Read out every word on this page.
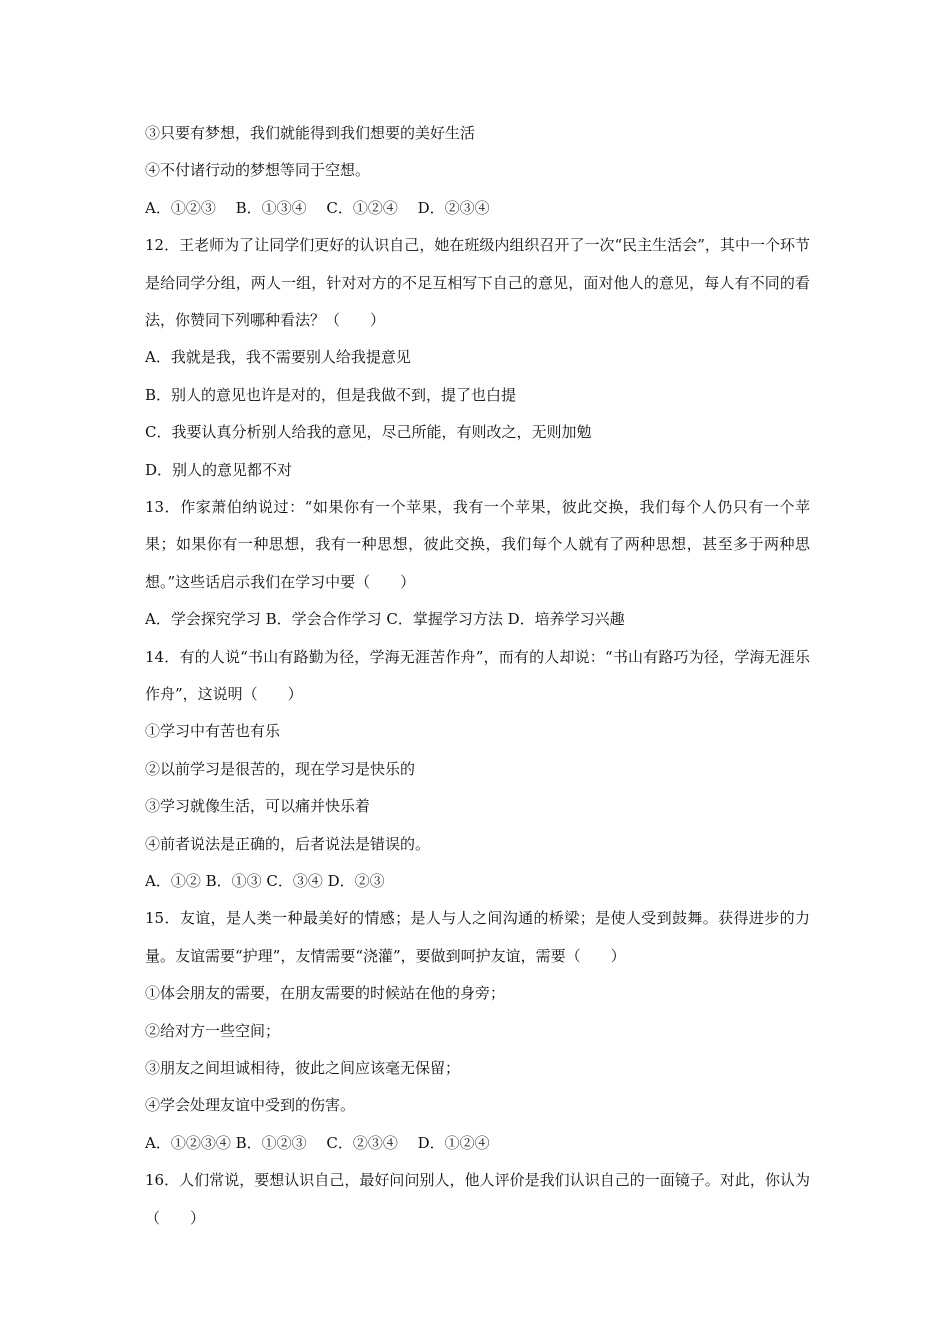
③只要有梦想，我们就能得到我们想要的美好生活
④不付诸行动的梦想等同于空想。
A．①②③　 B．①③④　 C．①②④　 D．②③④

12．王老师为了让同学们更好的认识自己，她在班级内组织召开了一次“民主生活会”，其中一个环节是给同学分组，两人一组，针对对方的不足互相写下自己的意见，面对他人的意见，每人有不同的看法，你赞同下列哪种看法？（　　）

A．我就是我，我不需要别人给我提意见
B．别人的意见也许是对的，但是我做不到，提了也白提
C．我要认真分析别人给我的意见，尽己所能，有则改之，无则加勉
D．别人的意见都不对

13．作家萧伯纳说过：“如果你有一个苹果，我有一个苹果，彼此交换，我们每个人仍只有一个苹果；如果你有一种思想，我有一种思想，彼此交换，我们每个人就有了两种思想，甚至多于两种思想。”这些话启示我们在学习中要（　　）

A．学会探究学习 B．学会合作学习 C．掌握学习方法 D．培养学习兴趣

14．有的人说“书山有路勤为径，学海无涯苦作舟”，而有的人却说：“书山有路巧为径，学海无涯乐作舟”，这说明（　　）

①学习中有苦也有乐
②以前学习是很苦的，现在学习是快乐的
③学习就像生活，可以痛并快乐着
④前者说法是正确的，后者说法是错误的。
A．①② B．①③ C．③④ D．②③

15．友谊，是人类一种最美好的情感；是人与人之间沟通的桥梁；是使人受到鼓舞。获得进步的力量。友谊需要“护理”，友情需要“浇灌”，要做到呵护友谊，需要（　　）

①体会朋友的需要，在朋友需要的时候站在他的身旁；
②给对方一些空间；
③朋友之间坦诚相待，彼此之间应该毫无保留；
④学会处理友谊中受到的伤害。
A．①②③④ B．①②③　 C．②③④　 D．①②④

16．人们常说，要想认识自己，最好问问别人，他人评价是我们认识自己的一面镜子。对此，你认为（　　）
